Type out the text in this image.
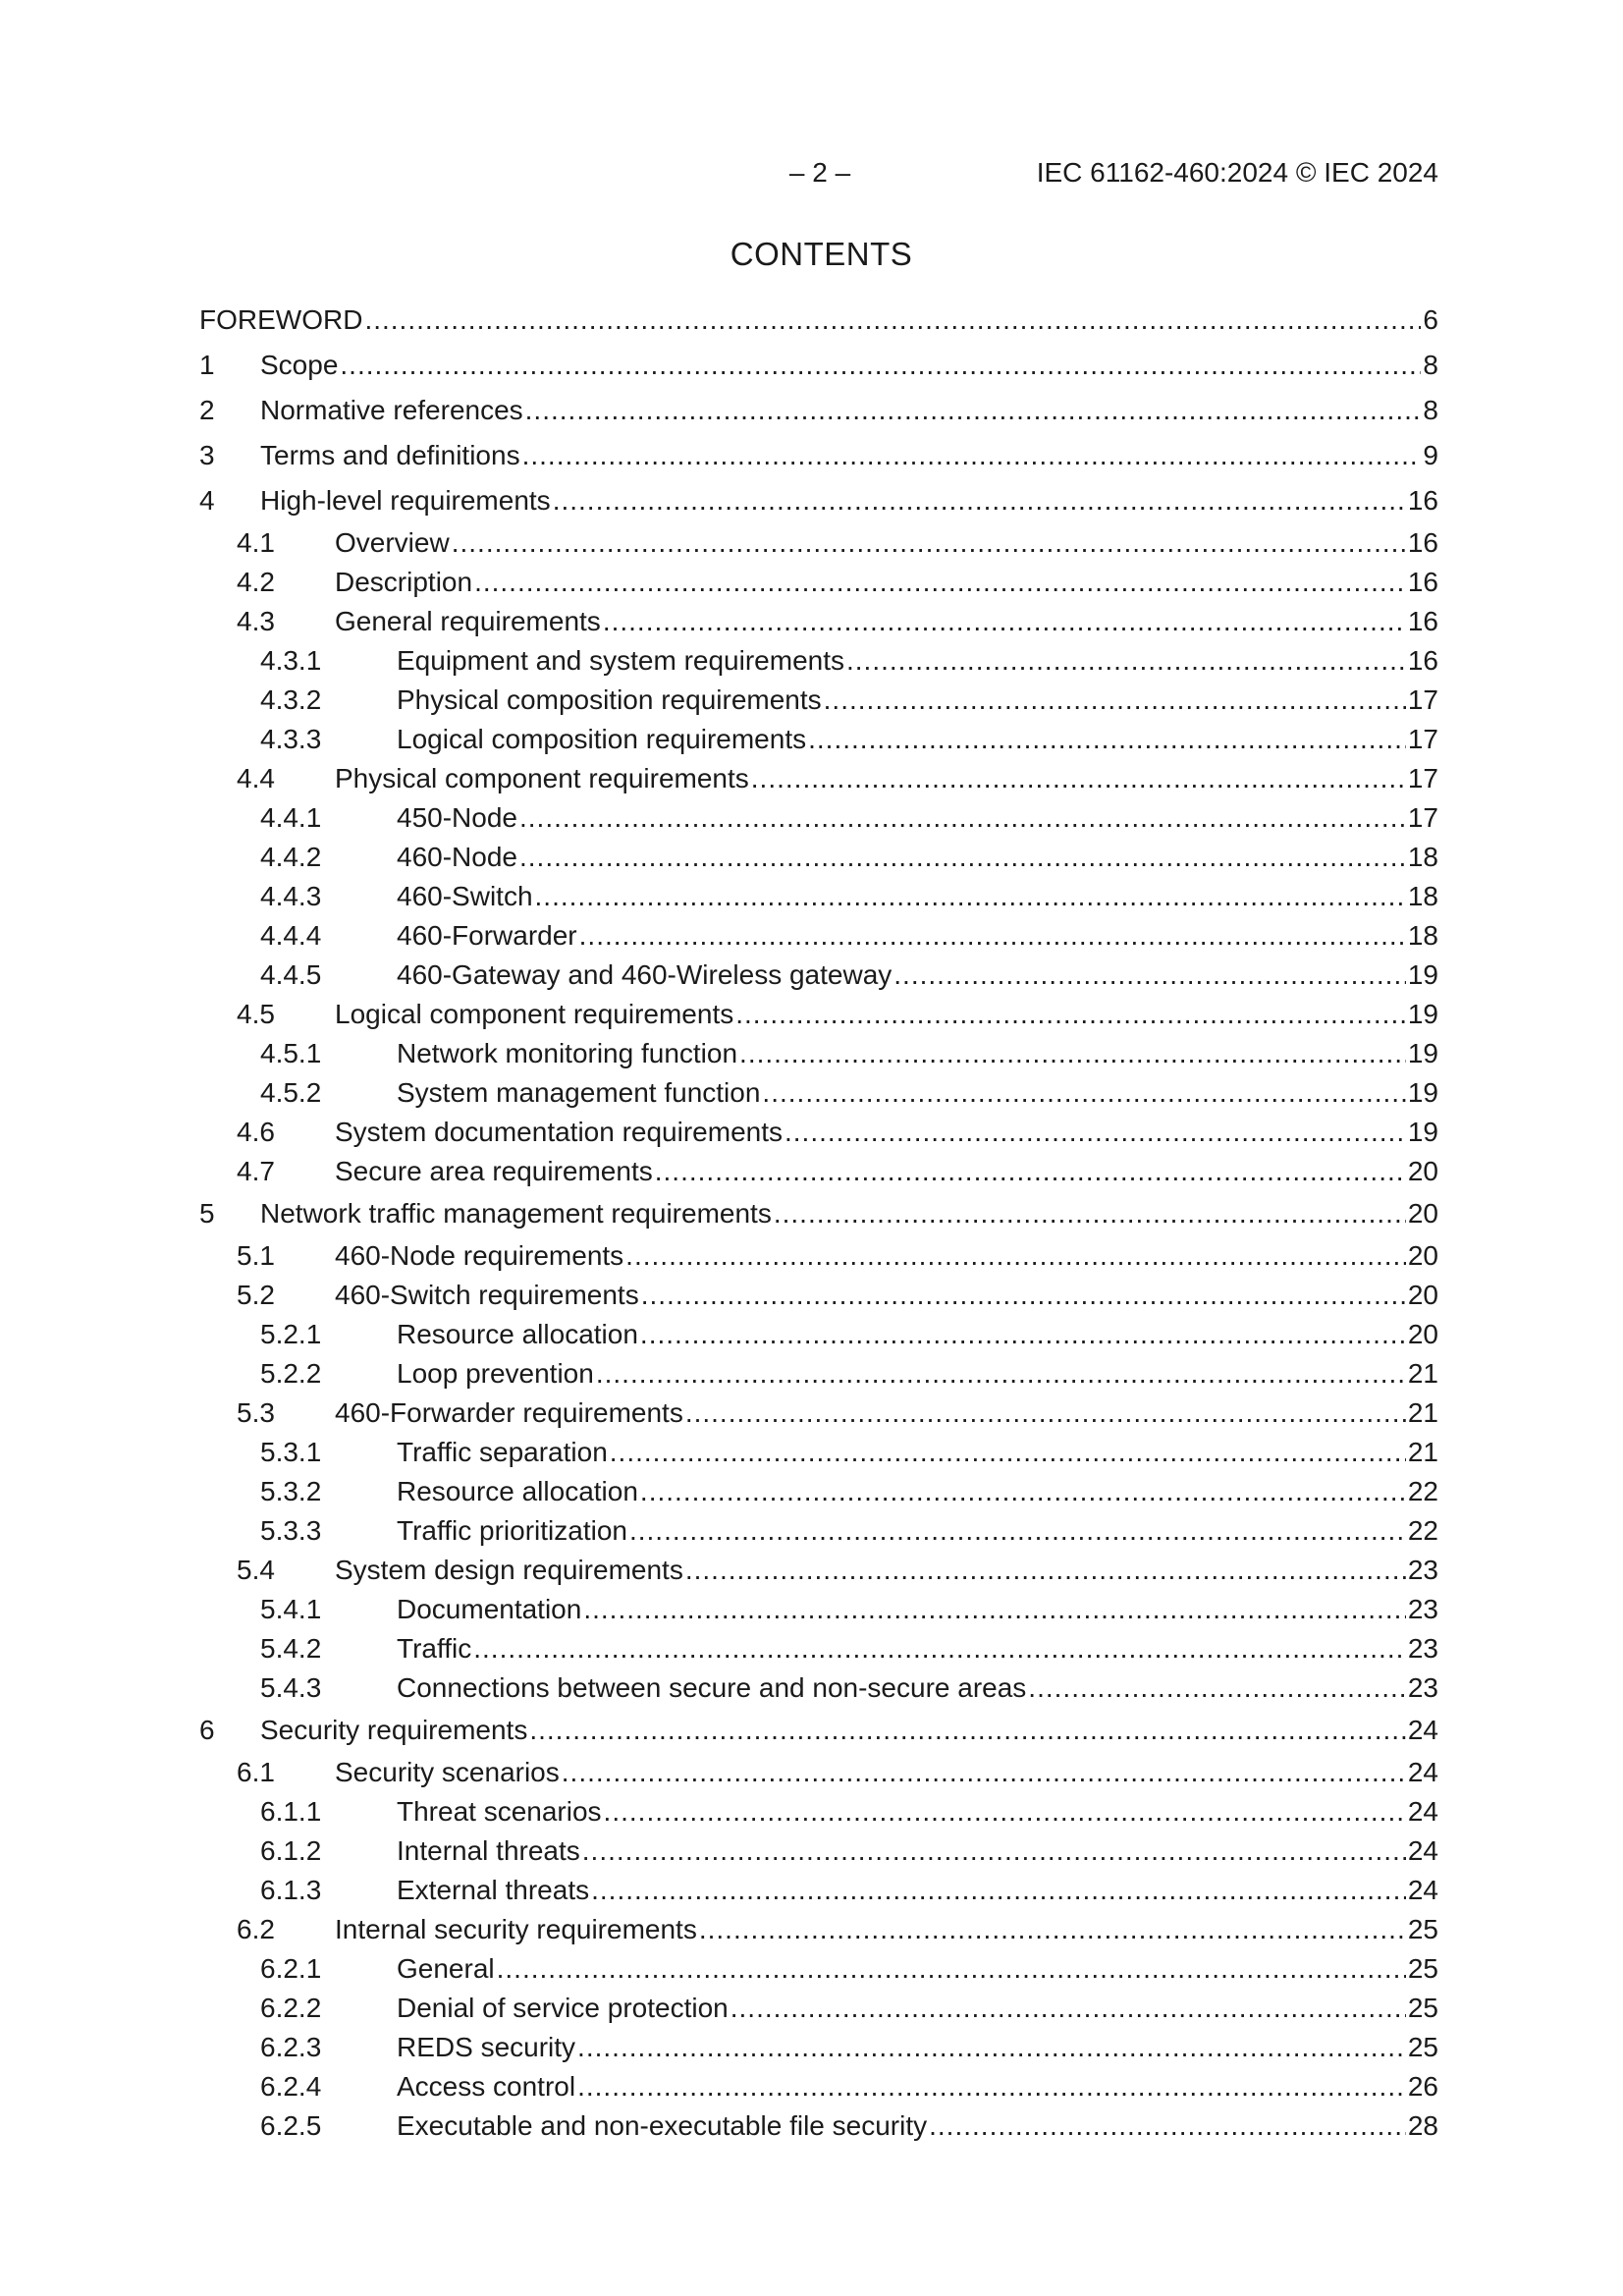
– 2 –	IEC 61162-460:2024 © IEC 2024
CONTENTS
FOREWORD .....	6
1	Scope .....	8
2	Normative references .....	8
3	Terms and definitions .....	9
4	High-level requirements .....	16
4.1	Overview .....	16
4.2	Description .....	16
4.3	General requirements .....	16
4.3.1	Equipment and system requirements .....	16
4.3.2	Physical composition requirements .....	17
4.3.3	Logical composition requirements .....	17
4.4	Physical component requirements .....	17
4.4.1	450-Node .....	17
4.4.2	460-Node .....	18
4.4.3	460-Switch .....	18
4.4.4	460-Forwarder .....	18
4.4.5	460-Gateway and 460-Wireless gateway .....	19
4.5	Logical component requirements .....	19
4.5.1	Network monitoring function .....	19
4.5.2	System management function .....	19
4.6	System documentation requirements .....	19
4.7	Secure area requirements .....	20
5	Network traffic management requirements .....	20
5.1	460-Node requirements .....	20
5.2	460-Switch requirements .....	20
5.2.1	Resource allocation .....	20
5.2.2	Loop prevention .....	21
5.3	460-Forwarder requirements .....	21
5.3.1	Traffic separation .....	21
5.3.2	Resource allocation .....	22
5.3.3	Traffic prioritization .....	22
5.4	System design requirements .....	23
5.4.1	Documentation .....	23
5.4.2	Traffic .....	23
5.4.3	Connections between secure and non-secure areas .....	23
6	Security requirements .....	24
6.1	Security scenarios .....	24
6.1.1	Threat scenarios .....	24
6.1.2	Internal threats .....	24
6.1.3	External threats .....	24
6.2	Internal security requirements .....	25
6.2.1	General .....	25
6.2.2	Denial of service protection .....	25
6.2.3	REDS security .....	25
6.2.4	Access control .....	26
6.2.5	Executable and non-executable file security .....	28
